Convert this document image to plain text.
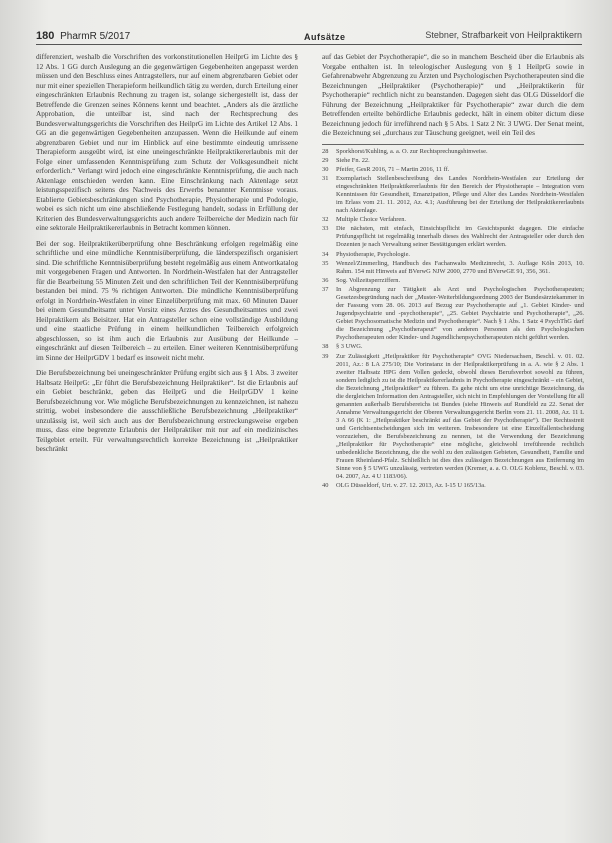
180 PharmR 5/2017	Aufsätze	Stebner, Strafbarkeit von Heilpraktikern

differenziert, weshalb die Vorschriften des vorkonstitutionellen HeilprG im Lichte des § 12 Abs. 1 GG durch Auslegung an die gegenwärtigen Gegebenheiten angepasst werden müssen und den Beschluss eines Antragstellers, nur auf einem abgrenzbaren Gebiet oder nur mit einer speziellen Therapieform heilkundlich tätig zu werden, durch Erteilung einer eingeschränkten Erlaubnis Rechnung zu tragen ist, solange sichergestellt ist, dass der Betreffende die Grenzen seines Könnens kennt und beachtet. „Anders als die ärztliche Approbation, die unteilbar ist, sind nach der Rechtsprechung des Bundesverwaltungsgerichts die Vorschriften des HeilprG im Lichte des Artikel 12 Abs. 1 GG an die gegenwärtigen Gegebenheiten anzupassen. Wenn die Heilkunde auf einem abgrenzbaren Gebiet und nur im Hinblick auf eine bestimmte eindeutig umrissene Therapieform ausgeübt wird, ist eine uneingeschränkte Heilpraktikererlaubnis mit der Folge einer umfassenden Kenntnisprüfung zum Schutz der Volksgesundheit nicht erforderlich.“ Verlangt wird jedoch eine eingeschränkte Kenntnisprüfung, die auch nach Aktenlage entschieden werden kann. Eine Einschränkung nach Aktenlage setzt leistungsspezifisch seitens des Nachweis des Erwerbs benannter Kenntnisse voraus. Etablierte Gebietsbeschränkungen sind Psychotherapie, Physiotherapie und Podologie, wobei es sich nicht um eine abschließende Festlegung handelt, sodass in Erfüllung der Kriterien des Bundesverwaltungsgerichts auch andere Teilbereiche der Medizin nach für eine sektorale Heilpraktikererlaubnis in Betracht kommen können.

Bei der sog. Heilpraktikerüberprüfung ohne Beschränkung erfolgen regelmäßig eine schriftliche und eine mündliche Kenntnisüberprüfung, die länderspezifisch organisiert sind. Die schriftliche Kenntnisüberprüfung besteht regelmäßig aus einem Antwortkatalog mit vorgegebenen Fragen und Antworten. In Nordrhein-Westfalen hat der Antragsteller für die Bearbeitung 55 Minuten Zeit und den schriftlichen Teil der Kenntnisüberprüfung bestanden bei mind. 75 % richtigen Antworten. Die mündliche Kenntnisüberprüfung erfolgt in Nordrhein-Westfalen in einer Einzelüberprüfung mit max. 60 Minuten Dauer bei einem Gesundheitsamt unter Vorsitz eines Arztes des Gesundheitsamtes und zwei Heilpraktikern als Beisitzer. Hat ein Antragsteller schon eine vollständige Ausbildung und eine staatliche Prüfung in einem heilkundlichen Teilbereich erfolgreich abgeschlossen, so ist ihm auch die Erlaubnis zur Ausübung der Heilkunde – eingeschränkt auf diesen Teilbereich – zu erteilen. Einer weiteren Kenntnisüberprüfung im Sinne der HeilprGDV 1 bedarf es insoweit nicht mehr.

Die Berufsbezeichnung bei uneingeschränkter Prüfung ergibt sich aus § 1 Abs. 3 zweiter Halbsatz HeilprG: „Er führt die Berufsbezeichnung Heilpraktiker“. Ist die Erlaubnis auf ein Gebiet beschränkt, geben das HeilprG und die HeilprGDV 1 keine Berufsbezeichnung vor. Wie mögliche Berufsbezeichnungen zu kennzeichnen, ist nahezu strittig, wobei insbesondere die ausschließliche Berufsbezeichnung „Heilpraktiker“ unzulässig ist, weil sich auch aus der Berufsbezeichnung erstreckungsweise ergeben muss, dass eine begrenzte Erlaubnis der Heilpraktiker mit nur auf ein medizinisches Teilgebiet erteilt. Für verwaltungsrechtlich korrekte Bezeichnung ist „Heilpraktiker beschränkt

auf das Gebiet der Psychotherapie“, die so in manchem Bescheid über die Erlaubnis als Vorgabe enthalten ist. In teleologischer Auslegung von § 1 HeilprG sowie in Gefahrenabwehr Abgrenzung zu Ärzten und Psychologischen Psychotherapeuten sind die Bezeichnungen „Heilpraktiker (Psychotherapie)“ und „Heilpraktikerin für Psychotherapie“ rechtlich nicht zu beanstanden. Dagegen sieht das OLG Düsseldorf die Führung der Bezeichnung „Heilpraktiker für Psychotherapie“ zwar durch die dem Betreffenden erteilte behördliche Erlaubnis gedeckt, hält in einem obiter dictum diese Bezeichnung jedoch für irreführend nach § 5 Abs. 1 Satz 2 Nr. 3 UWG. Der Senat meint, die Bezeichnung sei „durchaus zur Täuschung geeignet, weil ein Teil des

28	Sporkhorst/Kuhling, a. a. O. zur Rechtsprechungshinweise.
29	Siehe Fn. 22.
30	Pfeifer, GesR 2016, 71 – Martin 2016, 11 ff.
31	Exemplarisch Stellenbeschreibung des Landes Nordrhein-Westfalen zur Erteilung der eingeschränkten Heilpraktikererlaubnis für den Bereich der Physiotherapie – Integration vom Kenntnissen für Gesundheit, Emanzipation, Pflege und Alter des Landes Nordrhein-Westfalen im Erlass vom 21. 11. 2012, Az. 4.1; Ausführung bei der Erteilung der Heilpraktikererlaubnis nach Aktenlage.
32	Multiple Choice Verfahren.
33	Die nächsten, mit einfach, Einsichtspflicht im Gesichtspunkt dagegen. Die einfache Prüfungspflicht ist regelmäßig innerhalb dieses des Wahlrecht der Antragsteller oder durch den Dozenten je nach Verwaltung seiner Bestätigungen erklärt werden.
34	Physiotherapie, Psychologie.
35	Wenzel/Zimmerling, Handbuch des Fachanwalts Medizinrecht, 3. Auflage Köln 2013, 10. Rahm. 154 mit Hinweis auf BVerwG NJW 2000, 2770 und BVerwGE 91, 356, 361.
36	Sog. Vollzeitsperrziffern.
37	In Abgrenzung zur Tätigkeit als Arzt und Psychologischen Psychotherapeuten; Gesetzesbegründung nach der „Muster-Weiterbildungsordnung 2003 der Bundesärztekammer in der Fassung vom 28. 06. 2013 auf Bezug zur Psychotherapie auf „1. Gebiet Kinder- und Jugendpsychiatrie und -psychotherapie“, „25. Gebiet Psychiatrie und Psychotherapie“, „26. Gebiet Psychosomatische Medizin und Psychotherapie“. Nach § 1 Abs. 1 Satz 4 PsychThG darf die Bezeichnung „Psychotherapeut“ von anderen Personen als den Psychologischen Psychotherapeuten oder Kinder- und Jugendlichenpsychotherapeuten nicht geführt werden.
38	§ 3 UWG.
39	Zur Zulässigkeit „Heilpraktiker für Psychotherapie“ OVG Niedersachsen, Beschl. v. 01. 02. 2011, Az.: 8 LA 275/10; Die Vorinstanz in der Heilpraktikerprüfung in a. A. wie § 2 Abs. 1 zweiter Halbsatz HPG dem Vollen gedeckt, obwohl dieses Berufsverbot sowohl zu führen, sondern lediglich zu ist die Heilpraktikererlaubnis in Psychotherapie eingeschränkt – ein Gebiet, die Bezeichnung „Heilpraktiker“ zu führen. Es gehe nicht um eine unrichtige Bezeichnung, da die dergleichen Information den Antragsteller, sich nicht in Empfehlungen der Vorstellung für all genannten außerhalb Berufsbereichs ist Bundes (siehe Hinweis auf Rundfeld zu 22. Senat der Annahme Verwaltungsgericht der Oberen Verwaltungsgericht Berlin vom 21. 11. 2008, Az. 11 L 3 A 66 (K 1: „Heilpraktiker beschränkt auf das Gebiet der Psychotherapie“). Der Rechtsstreit und Gerichtsentscheidungen sich im weiteren. Insbesondere ist eine Einzelfallentscheidung vorzuziehen, die Berufsbezeichnung zu nennen, ist die Verwendung der Bezeichnung „Heilpraktiker für Psychotherapie“ eine mögliche, gleichwohl irreführende rechtlich unbedenkliche Bezeichnung, die die wohl zu den zulässigen Gebieten, Gesundheit, Familie und Frauen Rheinland-Pfalz. Schließlich ist dies dies zulässigen Bezeichnungen aus Entfernung im Sinne von § 5 UWG unzulässig, vertreten werden (Kremer, a. a. O. OLG Koblenz, Beschl. v. 03. 04. 2007, Az. 4 U 1183/06).
40	OLG Düsseldorf, Urt. v. 27. 12. 2013, Az. I-15 U 165/13a.
